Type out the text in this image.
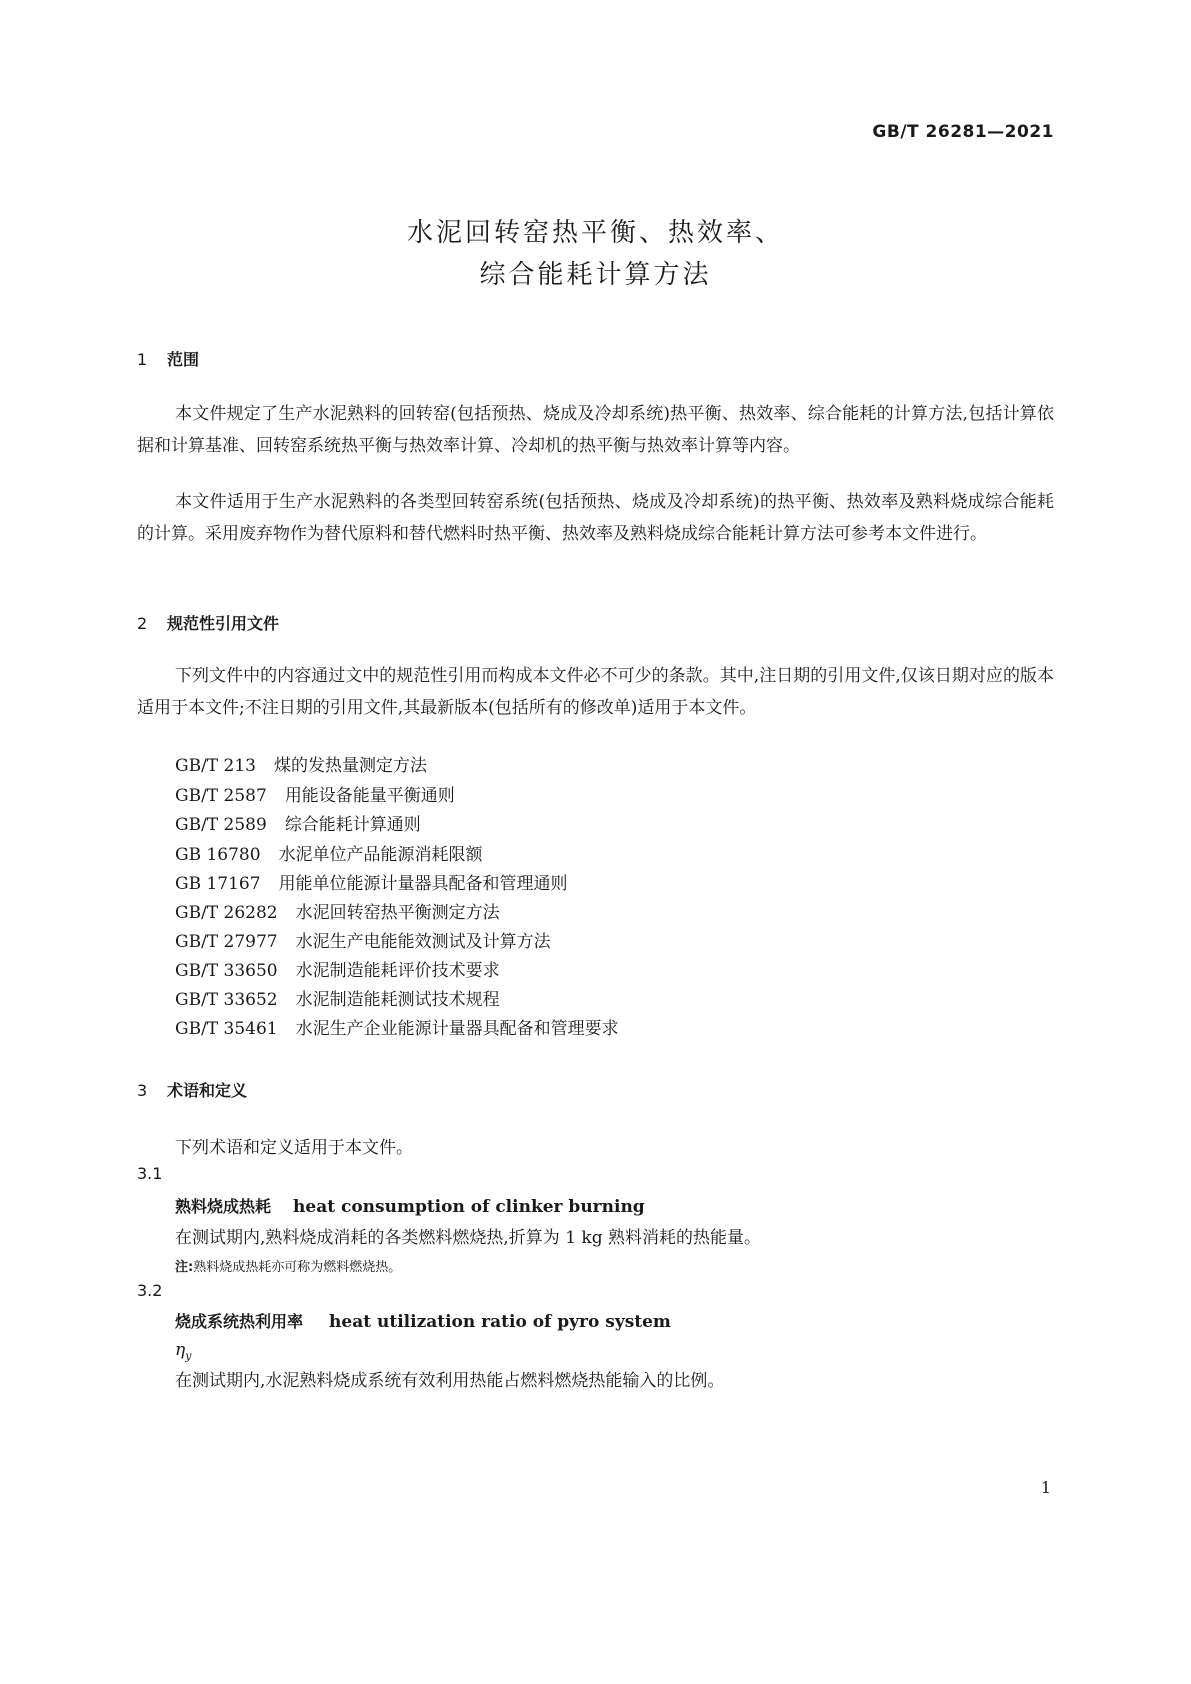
GB/T 26281—2021
水泥回转窑热平衡、热效率、
综合能耗计算方法
1 范围
本文件规定了生产水泥熟料的回转窑(包括预热、烧成及冷却系统)热平衡、热效率、综合能耗的计算方法,包括计算依据和计算基准、回转窑系统热平衡与热效率计算、冷却机的热平衡与热效率计算等内容。
本文件适用于生产水泥熟料的各类型回转窑系统(包括预热、烧成及冷却系统)的热平衡、热效率及熟料烧成综合能耗的计算。采用废弃物作为替代原料和替代燃料时热平衡、热效率及熟料烧成综合能耗计算方法可参考本文件进行。
2 规范性引用文件
下列文件中的内容通过文中的规范性引用而构成本文件必不可少的条款。其中,注日期的引用文件,仅该日期对应的版本适用于本文件;不注日期的引用文件,其最新版本(包括所有的修改单)适用于本文件。
GB/T 213 煤的发热量测定方法
GB/T 2587 用能设备能量平衡通则
GB/T 2589 综合能耗计算通则
GB 16780 水泥单位产品能源消耗限额
GB 17167 用能单位能源计量器具配备和管理通则
GB/T 26282 水泥回转窑热平衡测定方法
GB/T 27977 水泥生产电能能效测试及计算方法
GB/T 33650 水泥制造能耗评价技术要求
GB/T 33652 水泥制造能耗测试技术规程
GB/T 35461 水泥生产企业能源计量器具配备和管理要求
3 术语和定义
下列术语和定义适用于本文件。
3.1
熟料烧成热耗 heat consumption of clinker burning
在测试期内,熟料烧成消耗的各类燃料燃烧热,折算为 1 kg 熟料消耗的热能量。
注:熟料烧成热耗亦可称为燃料燃烧热。
3.2
烧成系统热利用率 heat utilization ratio of pyro system
$\eta_y$
在测试期内,水泥熟料烧成系统有效利用热能占燃料燃烧热能输入的比例。
1
